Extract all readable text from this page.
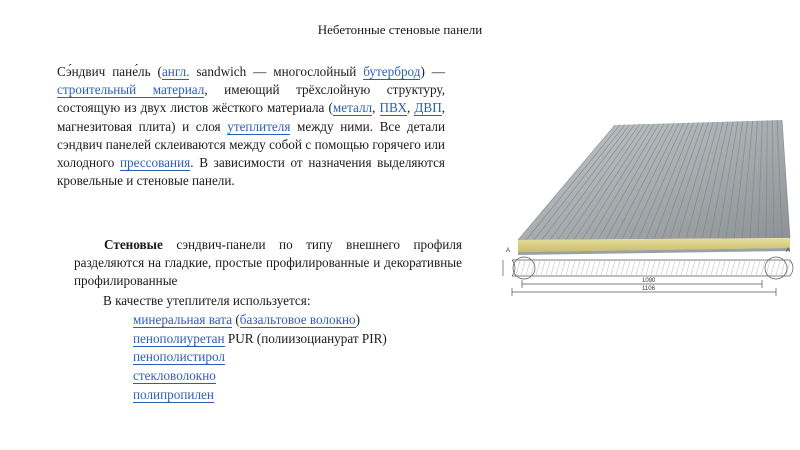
Небетонные стеновые панели
Сэ́ндвич пане́ль (англ. sandwich — многослойный бутерброд) — строительный материал, имеющий трёхслойную структуру, состоящую из двух листов жёсткого материала (металл, ПВХ, ДВП, магнезитовая плита) и слоя утеплителя между ними. Все детали сэндвич панелей склеиваются между собой с помощью горячего или холодного прессования. В зависимости от назначения выделяются кровельные и стеновые панели.
Стеновые сэндвич-панели по типу внешнего профиля разделяются на гладкие, простые профилированные и декоративные профилированные
В качестве утеплителя используется:
минеральная вата (базальтовое волокно)
пенополиуретан PUR (полиизоцианурат PIR)
пенополистирол
стекловолокно
полипропилен
1090
1106
A	A
